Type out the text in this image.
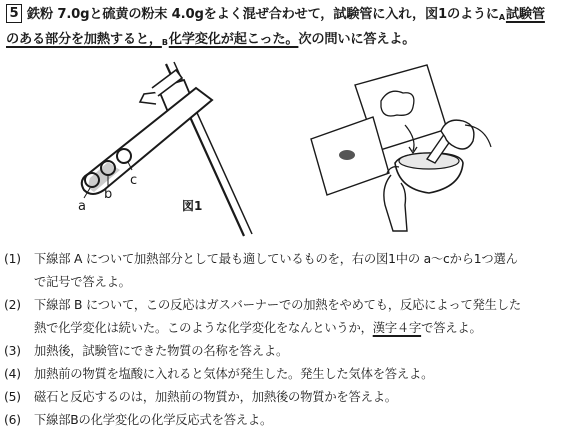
5 鉄粉 7.0gと硫黄の粉末 4.0gをよく混ぜ合わせて，試験管に入れ，図1のように$_A$試験管
のある部分を加熱すると，$_B$化学変化が起こった。次の問いに答えよ。
a
b
c
図1
(1)	下線部 A について加熱部分として最も適しているものを，右の図1中の a～cから1つ選ん
で記号で答えよ。
(2)	下線部 B について，この反応はガスバーナーでの加熱をやめても，反応によって発生した
熱で化学変化は続いた。このような化学変化をなんというか，漢字４字で答えよ。
(3)	加熱後，試験管にできた物質の名称を答えよ。
(4)	加熱前の物質を塩酸に入れると気体が発生した。発生した気体を答えよ。
(5)	磁石と反応するのは，加熱前の物質か，加熱後の物質かを答えよ。
(6)	下線部Bの化学変化の化学反応式を答えよ。
